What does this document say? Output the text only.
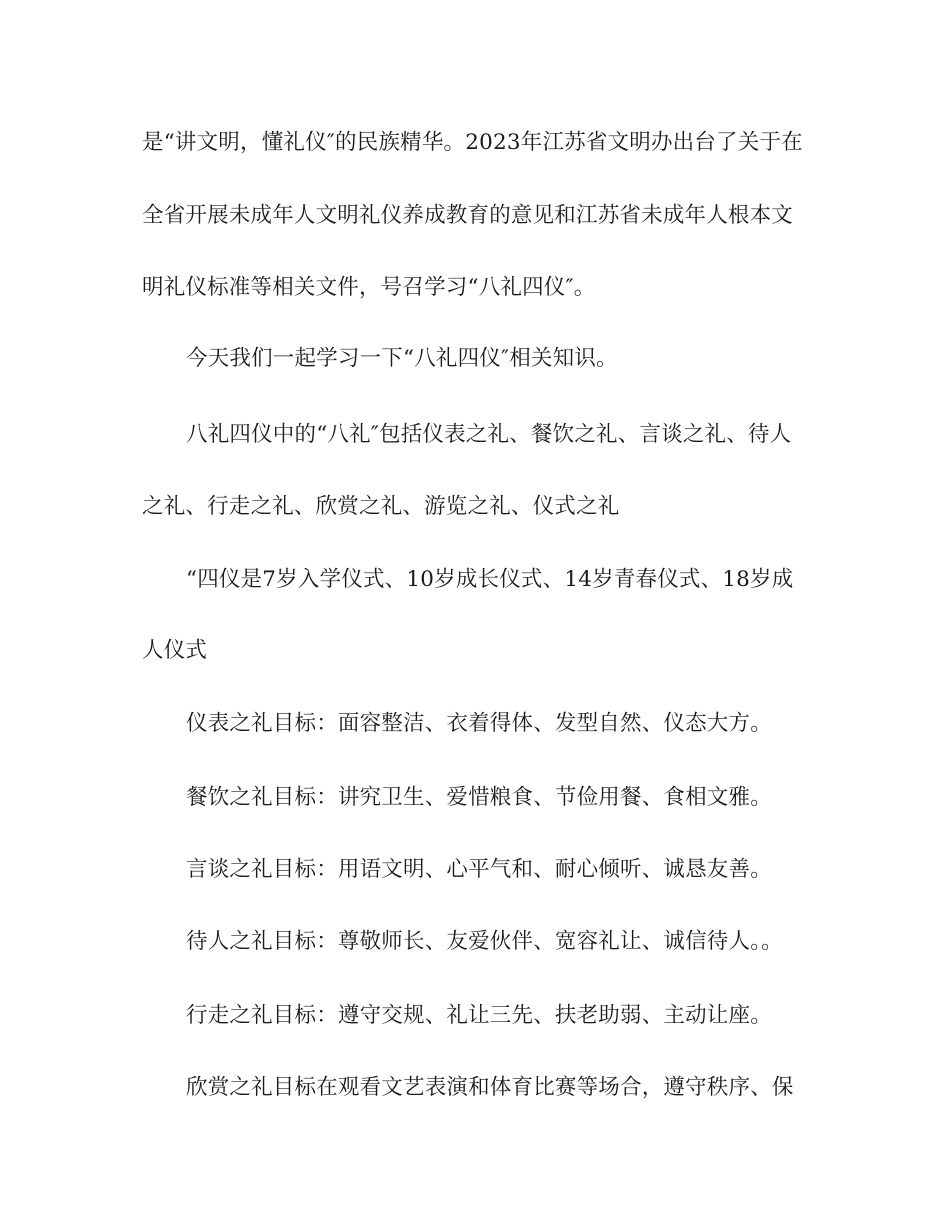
是“讲文明，懂礼仪″的民族精华。2023年江苏省文明办出台了关于在
全省开展未成年人文明礼仪养成教育的意见和江苏省未成年人根本文
明礼仪标准等相关文件，号召学习“八礼四仪″。
今天我们一起学习一下“八礼四仪″相关知识。
八礼四仪中的“八礼″包括仪表之礼、餐饮之礼、言谈之礼、待人
之礼、行走之礼、欣赏之礼、游览之礼、仪式之礼
“四仪是7岁入学仪式、10岁成长仪式、14岁青春仪式、18岁成
人仪式
仪表之礼目标：面容整洁、衣着得体、发型自然、仪态大方。
餐饮之礼目标：讲究卫生、爱惜粮食、节俭用餐、食相文雅。
言谈之礼目标：用语文明、心平气和、耐心倾听、诚恳友善。
待人之礼目标：尊敬师长、友爱伙伴、宽容礼让、诚信待人。。
行走之礼目标：遵守交规、礼让三先、扶老助弱、主动让座。
欣赏之礼目标在观看文艺表演和体育比赛等场合，遵守秩序、保
